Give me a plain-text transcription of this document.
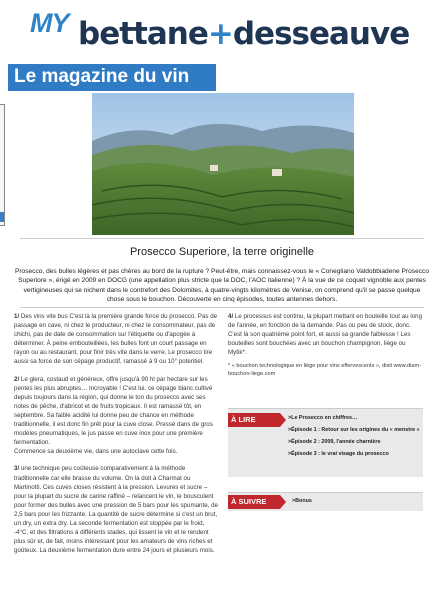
MY bettane+desseauve
Le magazine du vin
Prosecco Superiore, la terre originelle
Prosecco, des bulles légères et pas chères au bord de la rupture ? Peut-être, mais connaissez-vous le « Conegliano Valdobbiadene Prosecco Superiore », érigé en 2009 en DOCG (une appellation plus stricte que la DOC, l'AOC italienne) ? À la vue de ce coquet vignoble aux pentes vertigineuses qui se nichent dans le contrefort des Dolomites, à quatre-vingts kilomètres de Venise, on comprend qu'il se passe quelque chose sous le bouchon. Découverte en cinq épisodes, toutes antennes dehors.

1/ Des vins vite bus C'est là la première grande force du prosecco. Pas de passage en cave, ni chez le producteur, ni chez le consommateur, pas de chichi, pas de date de consommation sur l'étiquette ou d'apogée à déterminer. À peine embouteillées, les bulles font un court passage en rayon ou au restaurant, pour finir très vite dans le verre. Le prosecco tire aussi sa force de son cépage productif, ramassé à 9 ou 10° potentiel.

2/ Le glera, costaud et généreux, offre jusqu'à 90 hl par hectare sur les pentes les plus abruptes… Incroyable ! C'est lui, ce cépage blanc cultivé depuis toujours dans la région, qui donne le ton du prosecco avec ses notes de pêche, d'abricot et de fruits tropicaux. Il est ramassé tôt, en septembre. Sa faible acidité lui donne peu de chance en méthode traditionnelle, il est donc fin prêt pour la cuve close. Pressé dans de gros modèles pneumatiques, le jus passe en cuve inox pour une première fermentation.
Commence sa deuxième vie, dans une autoclave cette fois.

3/ une technique peu coûteuse comparativement à la méthode traditionnelle car elle brasse du volume. On la doit à Charmat ou Martinotti. Ces cuves closes résistent à la pression. Levures et sucre – pour la plupart du sucre de canne raffiné – relancent le vin, le bousculent pour former des bulles avec une pression de 5 bars pour les spumante, de 2,5 bars pour les frizzante. La quantité de sucre détermine si c'est un brut, un dry, un extra dry. La seconde fermentation est stoppée par le froid, -4°C, et des filtrations à différents stades, qui lissent le vin et le rendent plus sûr et, de fait, moins intéressant pour les amateurs de vins riches et goûteux. La deuxième fermentation dure entre 24 jours et plusieurs mois.

4/ Le processus est continu, la plupart mettant en bouteille tout au long de l'année, en fonction de la demande. Pas ou peu de stock, donc. C'est là son quatrième point fort, et aussi sa grande faiblesse ! Les bouteilles sont bouchées avec un bouchon champignon, liège ou Mytik*.

* « bouchon technologique en liège pour vins effervescents », dixit www.diam-bouchon-liege.com

À LIRE	>Le Prosecco en chiffres…
>Épisode 1 : Retour sur les origines du « menstre »
>Épisode 2 : 2009, l'année charnière
>Épisode 3 : le vrai visage du prosecco
À SUIVRE	>Bonus
